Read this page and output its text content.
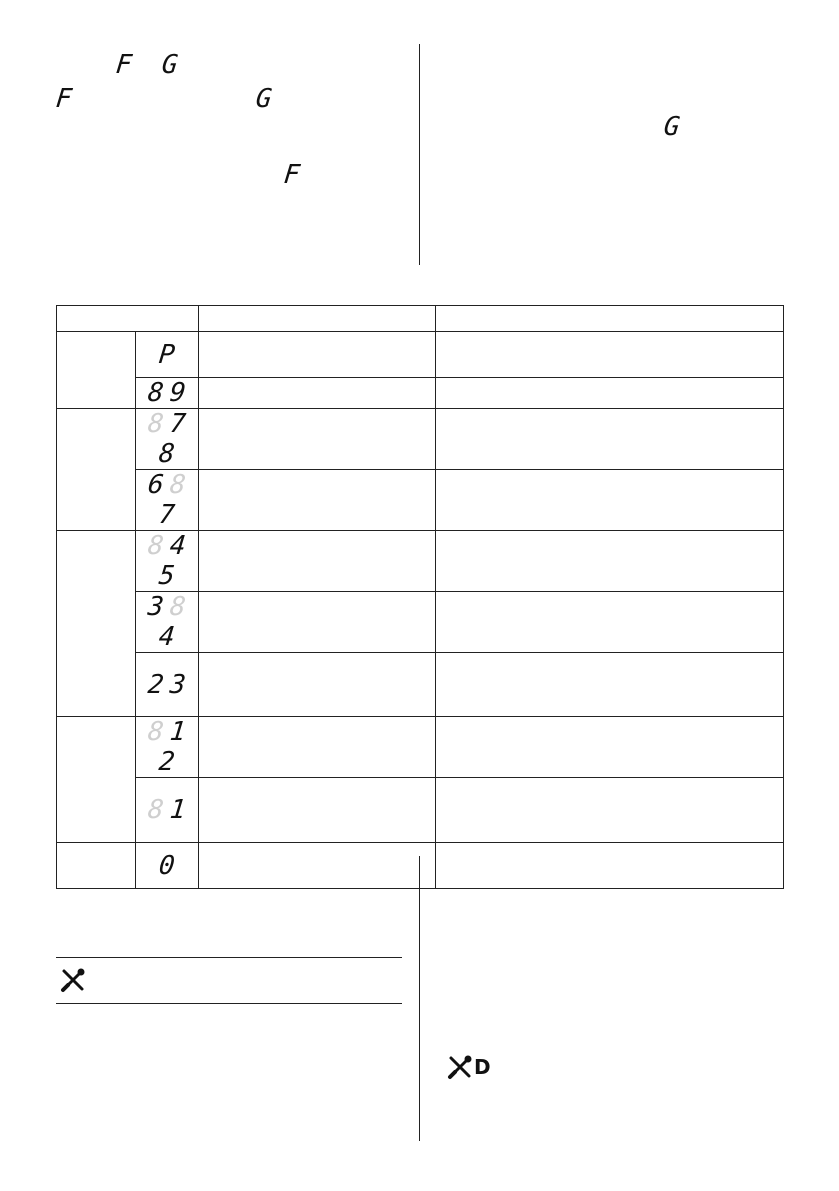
F G
F	G
F
G

	P		
	8 9		
	8 78		
	6 87		
	8 45		
	3 84		
	2 3		
	8 12		
	8 1		
	0		
D
